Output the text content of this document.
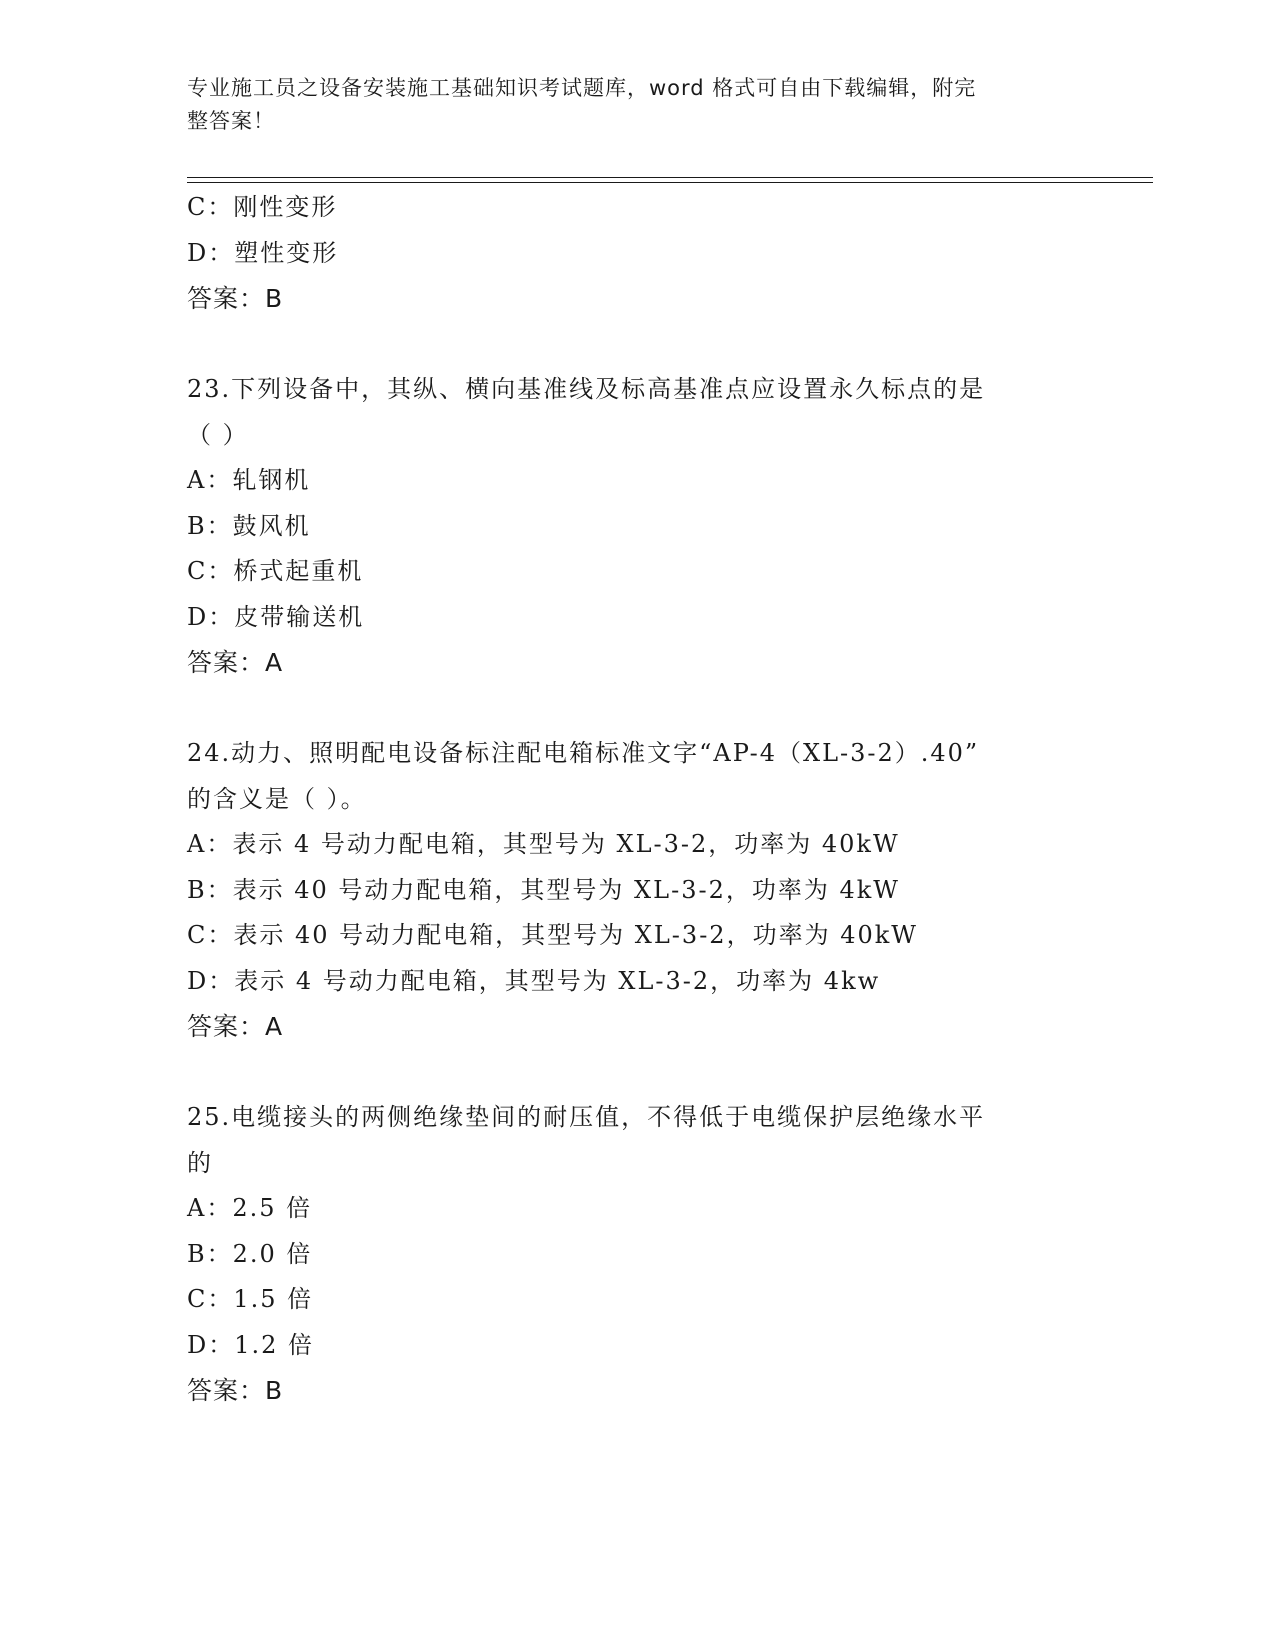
专业施工员之设备安装施工基础知识考试题库，word 格式可自由下载编辑，附完
整答案！
C：刚性变形
D：塑性变形
答案：B
23.下列设备中，其纵、横向基准线及标高基准点应设置永久标点的是
（ ）
A：轧钢机
B：鼓风机
C：桥式起重机
D：皮带输送机
答案：A
24.动力、照明配电设备标注配电箱标准文字“AP-4（XL-3-2）.40”
的含义是（ ）。
A：表示 4 号动力配电箱，其型号为 XL-3-2，功率为 40kW
B：表示 40 号动力配电箱，其型号为 XL-3-2，功率为 4kW
C：表示 40 号动力配电箱，其型号为 XL-3-2，功率为 40kW
D：表示 4 号动力配电箱，其型号为 XL-3-2，功率为 4kw
答案：A
25.电缆接头的两侧绝缘垫间的耐压值，不得低于电缆保护层绝缘水平
的
A：2.5 倍
B：2.0 倍
C：1.5 倍
D：1.2 倍
答案：B
